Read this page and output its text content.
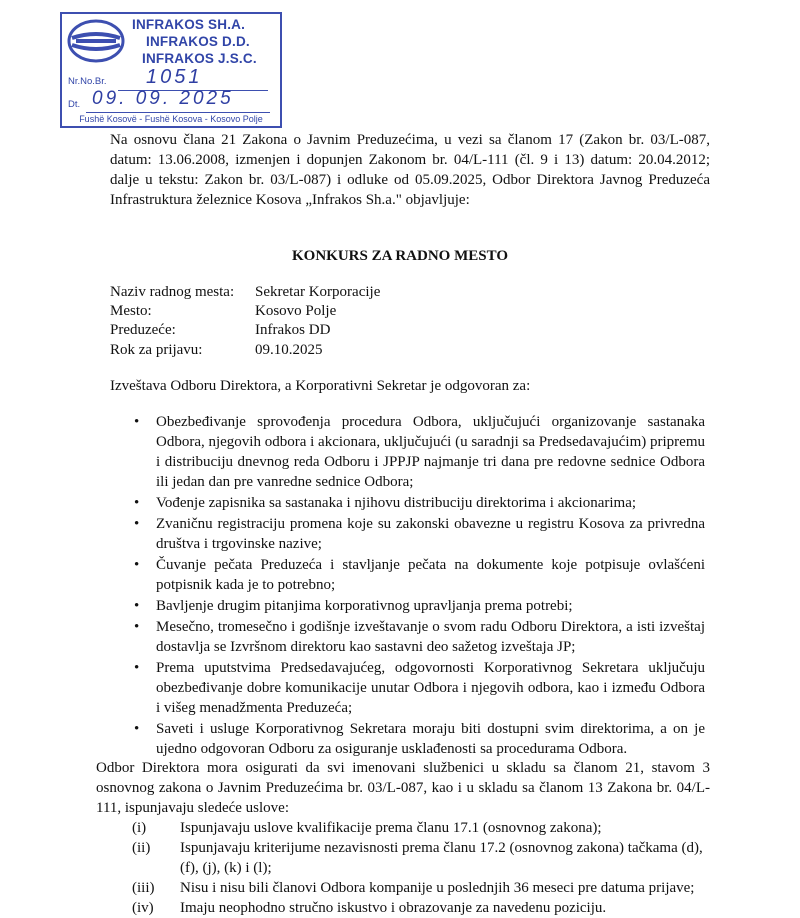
INFRAKOS SH.A.
INFRAKOS D.D.
INFRAKOS J.S.C.
Nr.No.Br. 1051
Dt. 09. 09. 2025
Fushë Kosovë - Fushë Kosova - Kosovo Polje
Na osnovu člana 21 Zakona o Javnim Preduzećima, u vezi sa članom 17 (Zakon br. 03/L-087, datum: 13.06.2008, izmenjen i dopunjen Zakonom br. 04/L-111 (čl. 9 i 13) datum: 20.04.2012; dalje u tekstu: Zakon br. 03/L-087) i odluke od 05.09.2025, Odbor Direktora Javnog Preduzeća Infrastruktura železnice Kosova „Infrakos Sh.a." objavljuje:
KONKURS ZA RADNO MESTO
Naziv radnog mesta: Sekretar Korporacije
Mesto:	Kosovo Polje
Preduzeće:	Infrakos DD
Rok za prijavu:	09.10.2025
Izveštava Odboru Direktora, a Korporativni Sekretar je odgovoran za:
• Obezbeđivanje sprovođenja procedura Odbora, uključujući organizovanje sastanaka Odbora, njegovih odbora i akcionara, uključujući (u saradnji sa Predsedavajućim) pripremu i distribuciju dnevnog reda Odboru i JPPJP najmanje tri dana pre redovne sednice Odbora ili jedan dan pre vanredne sednice Odbora;
• Vođenje zapisnika sa sastanaka i njihovu distribuciju direktorima i akcionarima;
• Zvaničnu registraciju promena koje su zakonski obavezne u registru Kosova za privredna društva i trgovinske nazive;
• Čuvanje pečata Preduzeća i stavljanje pečata na dokumente koje potpisuje ovlašćeni potpisnik kada je to potrebno;
• Bavljenje drugim pitanjima korporativnog upravljanja prema potrebi;
• Mesečno, tromesečno i godišnje izveštavanje o svom radu Odboru Direktora, a isti izveštaj dostavlja se Izvršnom direktoru kao sastavni deo sažetog izveštaja JP;
• Prema uputstvima Predsedavajućeg, odgovornosti Korporativnog Sekretara uključuju obezbeđivanje dobre komunikacije unutar Odbora i njegovih odbora, kao i između Odbora i višeg menadžmenta Preduzeća;
• Saveti i usluge Korporativnog Sekretara moraju biti dostupni svim direktorima, a on je ujedno odgovoran Odboru za osiguranje usklađenosti sa procedurama Odbora.
Odbor Direktora mora osigurati da svi imenovani službenici u skladu sa članom 21, stavom 3 osnovnog zakona o Javnim Preduzećima br. 03/L-087, kao i u skladu sa članom 13 Zakona br. 04/L-111, ispunjavaju sledeće uslove:
(i) Ispunjavaju uslove kvalifikacije prema članu 17.1 (osnovnog zakona);
(ii) Ispunjavaju kriterijume nezavisnosti prema članu 17.2 (osnovnog zakona) tačkama (d), (f), (j), (k) i (l);
(iii) Nisu i nisu bili članovi Odbora kompanije u poslednjih 36 meseci pre datuma prijave;
(iv) Imaju neophodno stručno iskustvo i obrazovanje za navedenu poziciju.
